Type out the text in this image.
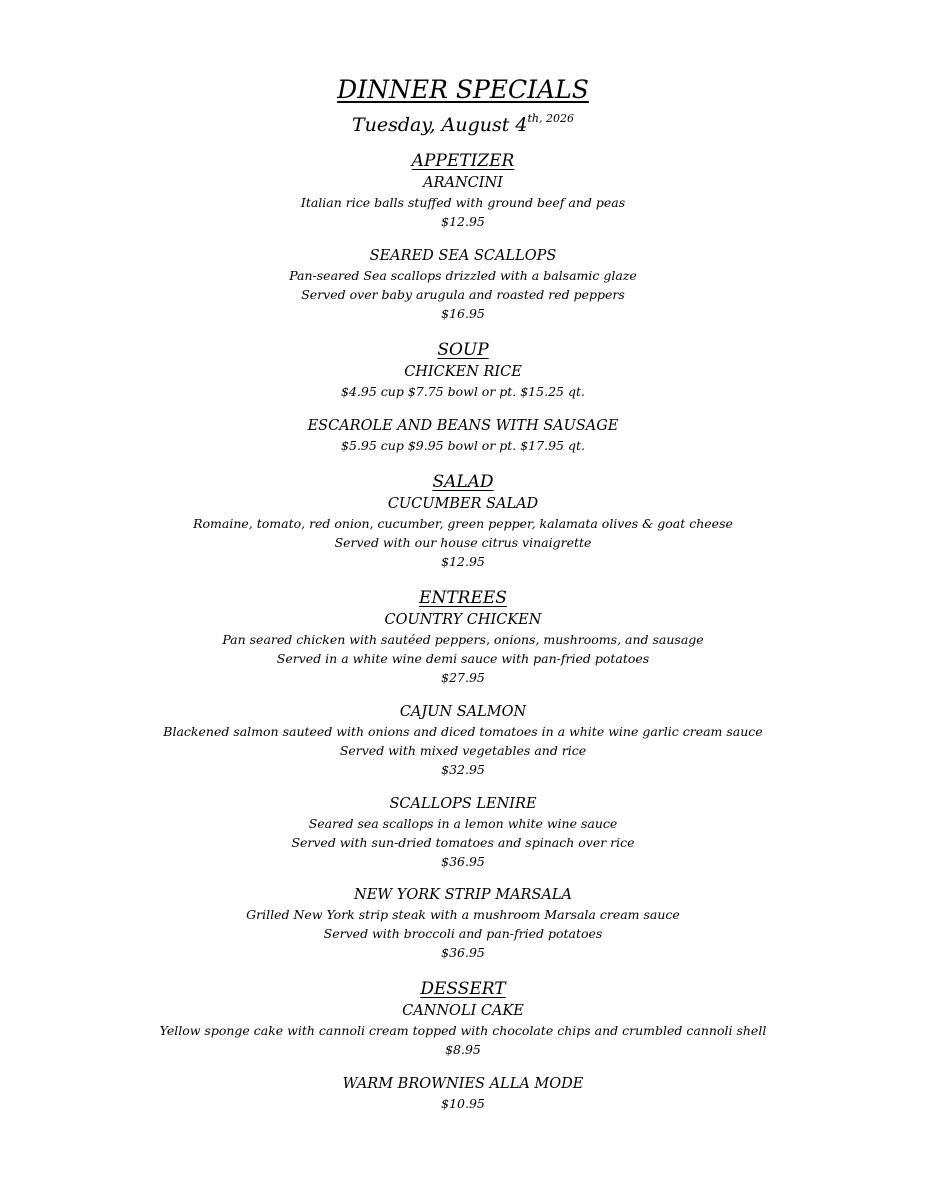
DINNER SPECIALS
Tuesday, August $4^{th, 2026}$
APPETIZER
ARANCINI
Italian rice balls stuffed with ground beef and peas
$12.95
SEARED SEA SCALLOPS
Pan-seared Sea scallops drizzled with a balsamic glaze
Served over baby arugula and roasted red peppers
$16.95
SOUP
CHICKEN RICE
$4.95 cup $7.75 bowl or pt. $15.25 qt.
ESCAROLE AND BEANS WITH SAUSAGE
$5.95 cup $9.95 bowl or pt. $17.95 qt.
SALAD
CUCUMBER SALAD
Romaine, tomato, red onion, cucumber, green pepper, kalamata olives & goat cheese
Served with our house citrus vinaigrette
$12.95
ENTREES
COUNTRY CHICKEN
Pan seared chicken with sautéed peppers, onions, mushrooms, and sausage
Served in a white wine demi sauce with pan-fried potatoes
$27.95
CAJUN SALMON
Blackened salmon sauteed with onions and diced tomatoes in a white wine garlic cream sauce
Served with mixed vegetables and rice
$32.95
SCALLOPS LENIRE
Seared sea scallops in a lemon white wine sauce
Served with sun-dried tomatoes and spinach over rice
$36.95
NEW YORK STRIP MARSALA
Grilled New York strip steak with a mushroom Marsala cream sauce
Served with broccoli and pan-fried potatoes
$36.95
DESSERT
CANNOLI CAKE
Yellow sponge cake with cannoli cream topped with chocolate chips and crumbled cannoli shell
$8.95
WARM BROWNIES ALLA MODE
$10.95
